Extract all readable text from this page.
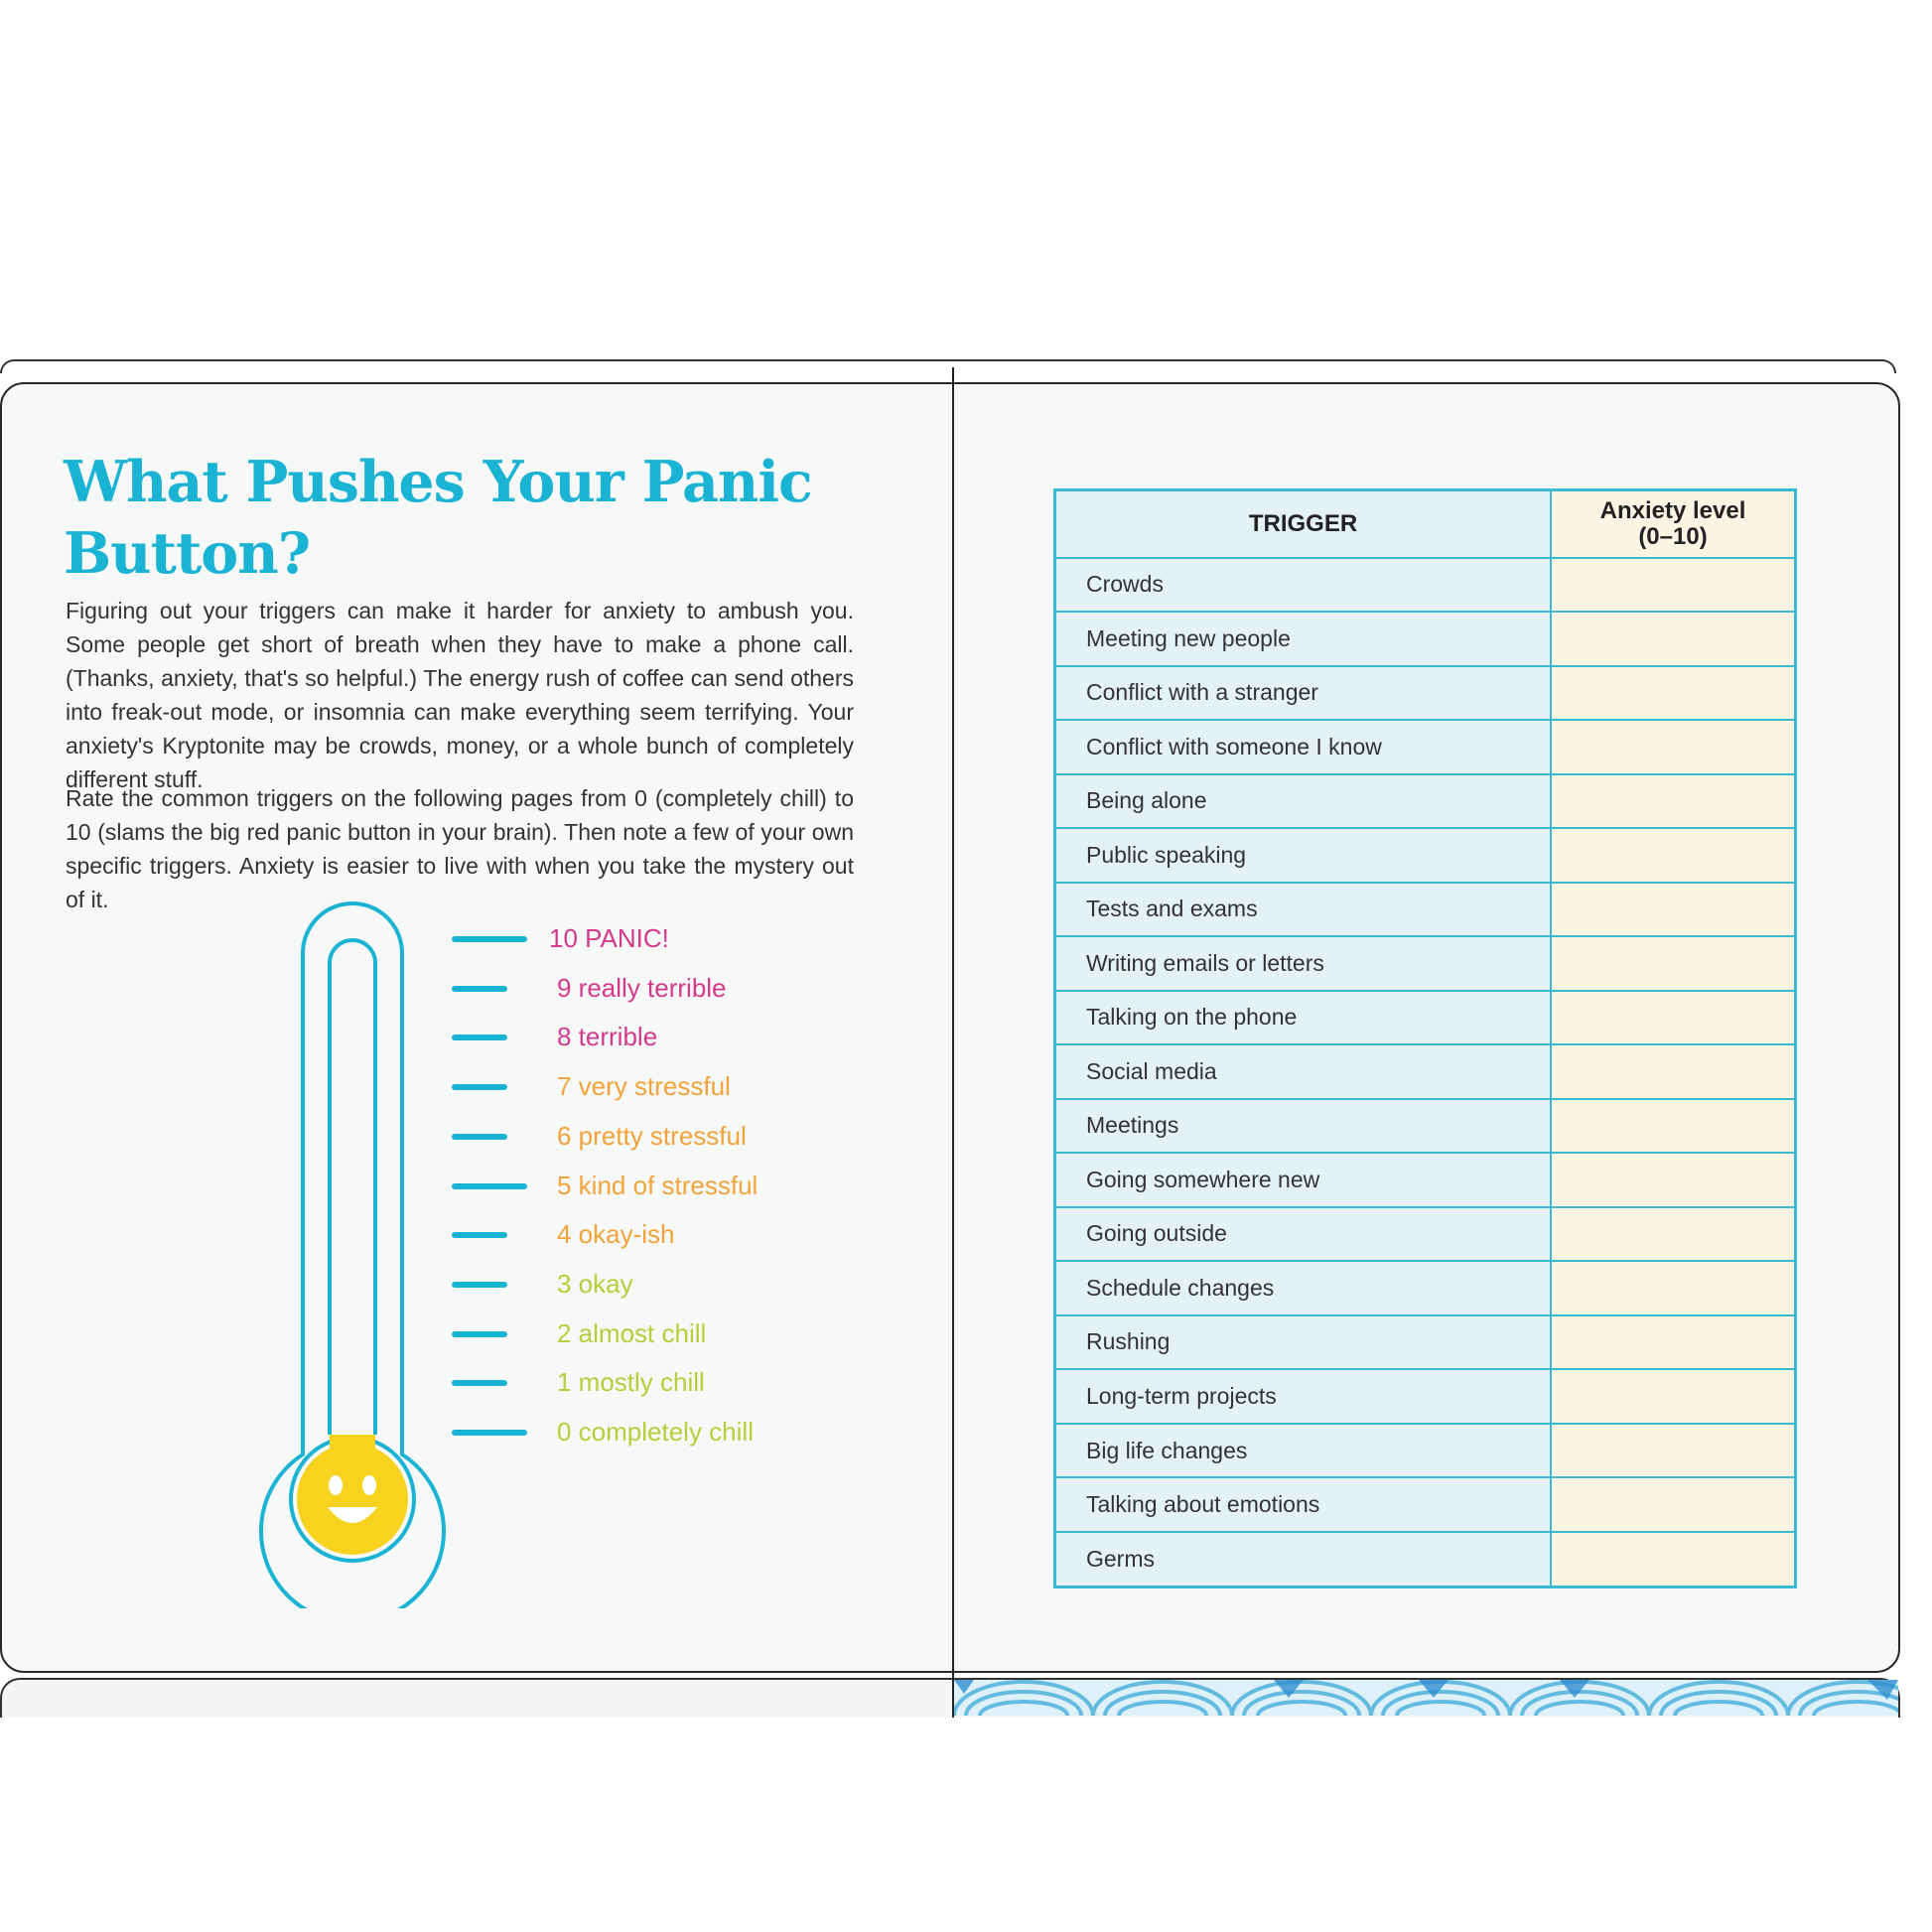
What Pushes Your Panic Button?

Figuring out your triggers can make it harder for anxiety to ambush you. Some people get short of breath when they have to make a phone call. (Thanks, anxiety, that's so helpful.) The energy rush of coffee can send others into freak-out mode, or insomnia can make everything seem terrifying. Your anxiety's Kryptonite may be crowds, money, or a whole bunch of completely different stuff.

Rate the common triggers on the following pages from 0 (completely chill) to 10 (slams the big red panic button in your brain). Then note a few of your own specific triggers. Anxiety is easier to live with when you take the mystery out of it.

10 PANIC!
9 really terrible
8 terrible
7 very stressful
6 pretty stressful
5 kind of stressful
4 okay-ish
3 okay
2 almost chill
1 mostly chill
0 completely chill
TRIGGER	Anxiety level
(0–10)
Crowds	
Meeting new people	
Conflict with a stranger	
Conflict with someone I know	
Being alone	
Public speaking	
Tests and exams	
Writing emails or letters	
Talking on the phone	
Social media	
Meetings	
Going somewhere new	
Going outside	
Schedule changes	
Rushing	
Long-term projects	
Big life changes	
Talking about emotions	
Germs	
